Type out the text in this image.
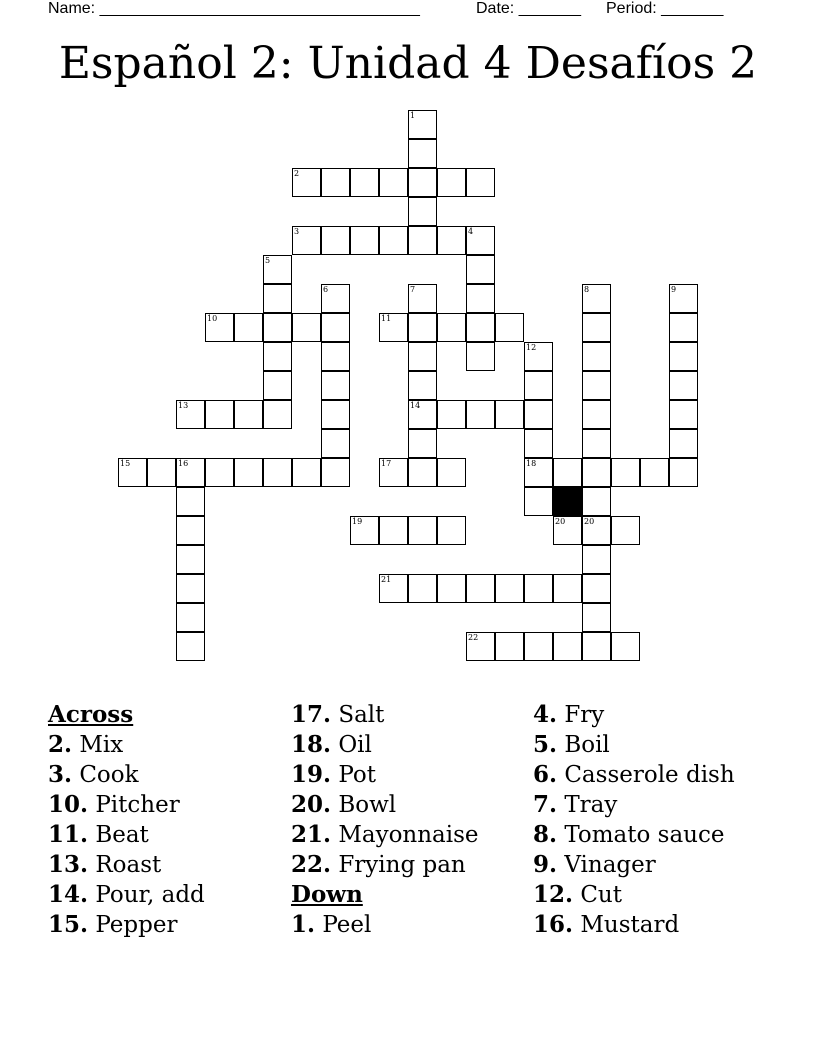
Name: ____________________________________	Date: _______ Period: _______
Español 2: Unidad 4 Desafíos 2
2
3
10	11
13	14
15	16	17	18
19	20 20
21
22
1
4
5
6	7	8	9
12
Across
2. Mix
3. Cook
10. Pitcher
11. Beat
13. Roast
14. Pour, add
15. Pepper
17. Salt
18. Oil
19. Pot
20. Bowl
21. Mayonnaise
22. Frying pan
Down
1. Peel
4. Fry
5. Boil
6. Casserole dish
7. Tray
8. Tomato sauce
9. Vinager
12. Cut
16. Mustard
